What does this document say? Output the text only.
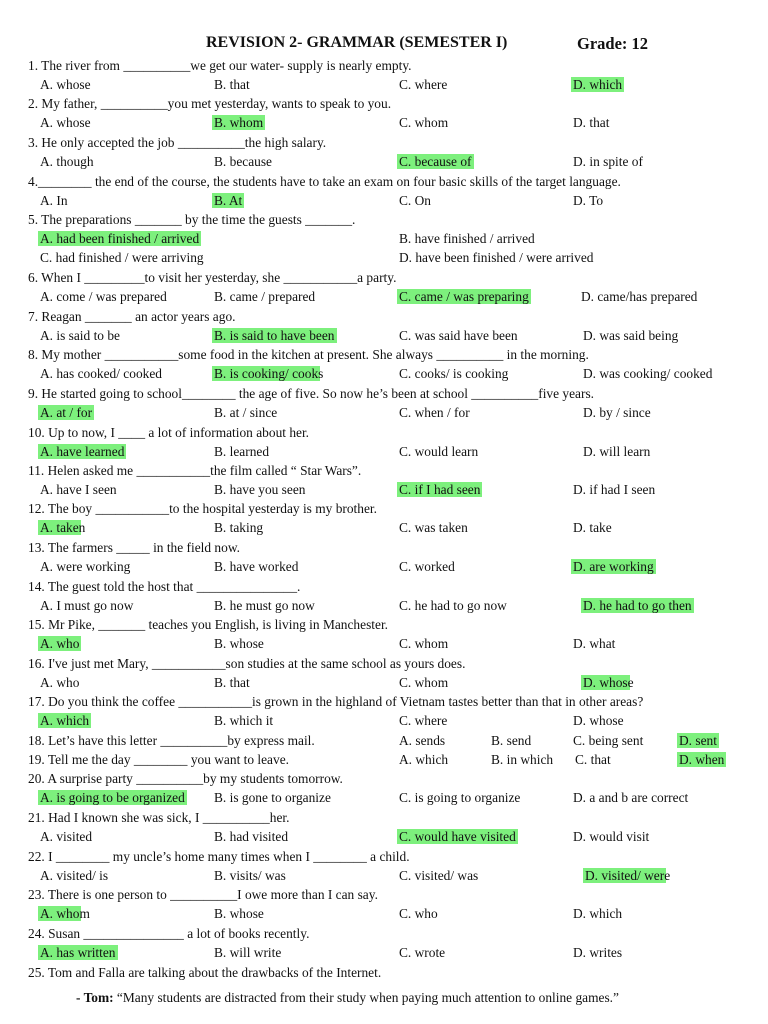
REVISION 2- GRAMMAR (SEMESTER I)	Grade: 12
1. The river from __________we get our water- supply is nearly empty.
A. whose	B. that	C. where	D. which
2. My father, __________you met yesterday, wants to speak to you.
A. whose	B. whom	C. whom	D. that
3. He only accepted the job __________the high salary.
A. though	B. because	C. because of	D. in spite of
4.________ the end of the course, the students have to take an exam on four basic skills of the target language.
A. In	B. At	C. On	D. To
5. The preparations _______ by the time the guests _______.
A. had been finished / arrived	B. have finished / arrived
C. had finished / were arriving	D. have been finished / were arrived
6. When I _________to visit her yesterday, she ___________a party.
A. come / was prepared	B. came / prepared	C. came / was preparing	D. came/has prepared
7. Reagan _______ an actor years ago.
A. is said to be	B. is said to have been	C. was said have been	D. was said being
8. My mother ___________some food in the kitchen at present. She always __________ in the morning.
A. has cooked/ cooked	B. is cooking/ cooks	C. cooks/ is cooking	D. was cooking/ cooked
9. He started going to school________ the age of five. So now he’s been at school __________five years.
A. at / for	B. at / since	C. when / for	D. by / since
10. Up to now, I ____ a lot of information about her.
A. have learned	B. learned	C. would learn	D. will learn
11. Helen asked me ___________the film called “ Star Wars”.
A. have I seen	B. have you seen	C. if I had seen	D. if had I seen
12. The boy ___________to the hospital yesterday is my brother.
A. taken	B. taking	C. was taken	D. take
13. The farmers _____ in the field now.
A. were working	B. have worked	C. worked	D. are working
14. The guest told the host that _______________.
A. I must go now	B. he must go now	C. he had to go now	D. he had to go then
15. Mr Pike, _______ teaches you English, is living in Manchester.
A. who	B. whose	C. whom	D. what
16. I've just met Mary, ___________son studies at the same school as yours does.
A. who	B. that	C. whom	D. whose
17. Do you think the coffee ___________is grown in the highland of Vietnam tastes better than that in other areas?
A. which	B. which it	C. where	D. whose
18. Let’s have this letter __________by express mail.	A. sends	B. send	C. being sent	D. sent
19. Tell me the day ________ you want to leave.	A. which	B. in which C. that	D. when
20. A surprise party __________by my students tomorrow.
A. is going to be organized B. is gone to organize	C. is going to organize	D. a and b are correct
21. Had I known she was sick, I __________her.
A. visited	B. had visited	C. would have visited	D. would visit
22. I ________ my uncle’s home many times when I ________ a child.
A. visited/ is	B. visits/ was	C. visited/ was	D. visited/ were
23. There is one person to __________I owe more than I can say.
A. whom	B. whose	C. who	D. which
24. Susan _______________ a lot of books recently.
A. has written	B. will write	C. wrote	D. writes
25. Tom and Falla are talking about the drawbacks of the Internet.
- Tom: “Many students are distracted from their study when paying much attention to online games.”
